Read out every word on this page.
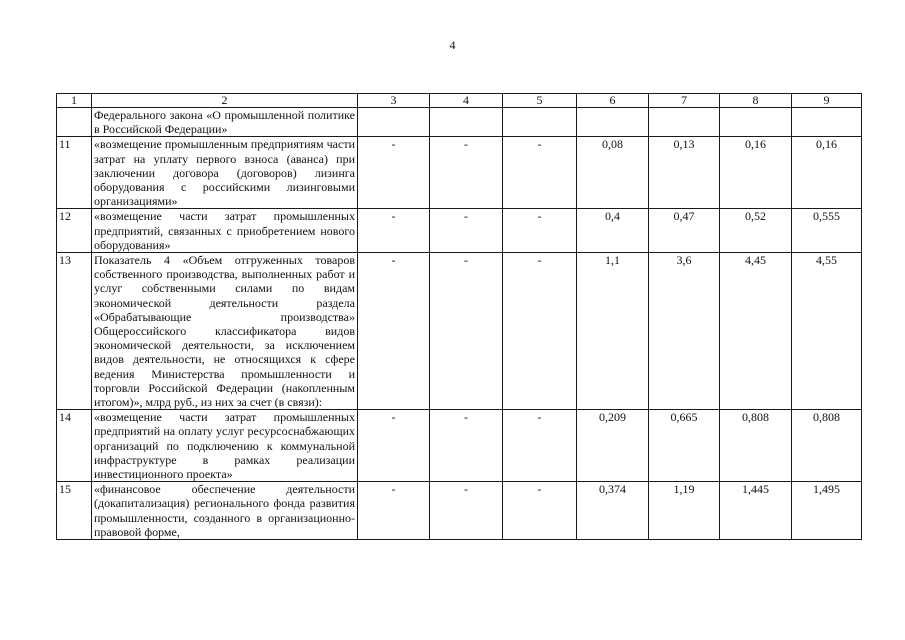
4
1	2	3	4	5	6	7	8	9
	Федерального закона «О промышленной политике в Российской Федерации»							
11	«возмещение промышленным предприятиям части затрат на уплату первого взноса (аванса) при заключении договора (договоров) лизинга оборудования с российскими лизинговыми организациями»	-	-	-	0,08	0,13	0,16	0,16
12	«возмещение части затрат промышленных предприятий, связанных с приобретением нового оборудования»	-	-	-	0,4	0,47	0,52	0,555
13	Показатель 4 «Объем отгруженных товаров собственного производства, выполненных работ и услуг собственными силами по видам экономической деятельности раздела «Обрабатывающие производства» Общероссийского классификатора видов экономической деятельности, за исключением видов деятельности, не относящихся к сфере ведения Министерства промышленности и торговли Российской Федерации (накопленным итогом)», млрд руб., из них за счет (в связи):	-	-	-	1,1	3,6	4,45	4,55
14	«возмещение части затрат промышленных предприятий на оплату услуг ресурсоснабжающих организаций по подключению к коммунальной инфраструктуре в рамках реализации инвестиционного проекта»	-	-	-	0,209	0,665	0,808	0,808
15	«финансовое обеспечение деятельности (докапитализация) регионального фонда развития промышленности, созданного в организационно-правовой форме,	-	-	-	0,374	1,19	1,445	1,495
